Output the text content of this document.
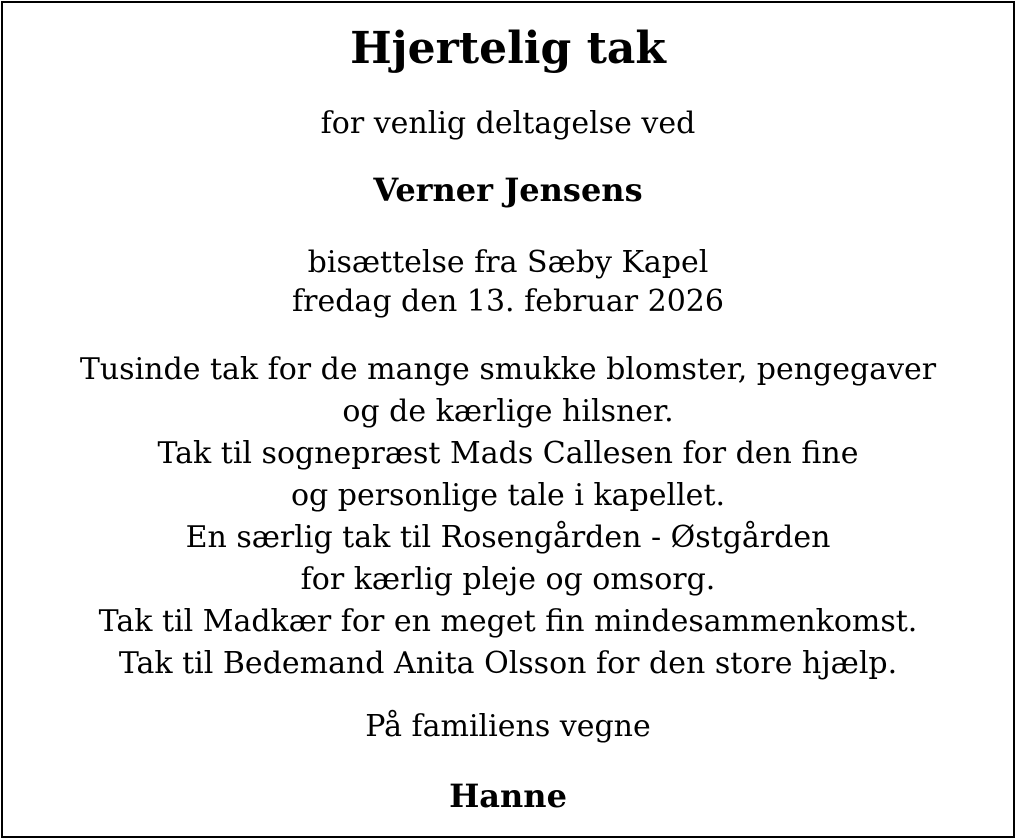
Hjertelig tak

for venlig deltagelse ved

Verner Jensens

bisættelse fra Sæby Kapel

fredag den 13. februar 2026

Tusinde tak for de mange smukke blomster, pengegaver

og de kærlige hilsner.

Tak til sognepræst Mads Callesen for den fine

og personlige tale i kapellet.

En særlig tak til Rosengården - Østgården

for kærlig pleje og omsorg.

Tak til Madkær for en meget fin mindesammenkomst.

Tak til Bedemand Anita Olsson for den store hjælp.

På familiens vegne

Hanne
